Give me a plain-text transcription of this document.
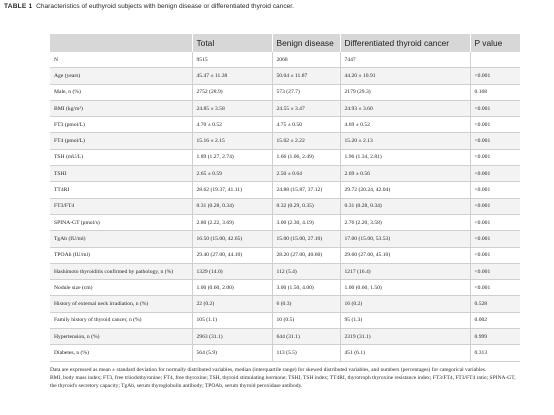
TABLE 1 Characteristics of euthyroid subjects with benign disease or differentiated thyroid cancer.
	Total	Benign disease	Differentiated thyroid cancer	P value
N	9515	2068	7447	
Age (years)	45.47 ± 11.38	50.04 ± 11.87	44.20 ± 10.91	<0.001
Male, n (%)	2752 (28.9)	573 (27.7)	2179 (29.3)	0.168
BMI (kg/m²)	24.85 ± 3.58	24.55 ± 3.47	24.93 ± 3.60	<0.001
FT3 (pmol/L)	4.70 ± 0.52	4.75 ± 0.50	4.69 ± 0.52	<0.001
FT4 (pmol/L)	15.16 ± 2.15	15.02 ± 2.22	15.20 ± 2.13	<0.001
TSH (mU/L)	1.89 (1.27, 2.74)	1.66 (1.06, 2.49)	1.96 (1.34, 2.81)	<0.001
TSHI	2.65 ± 0.59	2.50 ± 0.64	2.69 ± 0.56	<0.001
TT4RI	28.62 (19.37, 41.11)	24.88 (15.87, 37.12)	29.72 (20.24, 42.04)	<0.001
FT3/FT4	0.31 (0.28, 0.34)	0.32 (0.29, 0.35)	0.31 (0.28, 0.34)	<0.001
SPINA-GT (pmol/s)	2.80 (2.22, 3.69)	3.00 (2.30, 4.19)	2.76 (2.20, 3.58)	<0.001
TgAb (IU/ml)	16.50 (15.00, 42.65)	15.00 (15.00, 27.10)	17.00 (15.00, 53.53)	<0.001
TPOAb (IU/ml)	29.40 (27.00, 44.10)	28.20 (27.00, 40.60)	29.60 (27.00, 45.10)	<0.001
Hashimoto thyroiditis confirmed by pathology, n (%)	1329 (14.0)	112 (5.4)	1217 (16.4)	<0.001
Nodule size (cm)	1.00 (0.60, 2.00)	3.00 (1.50, 4.00)	1.00 (0.60, 1.50)	<0.001
History of external neck irradiation, n (%)	22 (0.2)	6 (0.3)	16 (0.2)	0.528
Family history of thyroid cancer, n (%)	105 (1.1)	10 (0.5)	95 (1.3)	0.002
Hypertension, n (%)	2963 (31.1)	644 (31.1)	2319 (31.1)	0.999
Diabetes, n (%)	564 (5.9)	113 (5.5)	451 (6.1)	0.313

Data are expressed as mean ± standard deviation for normally distributed variables, median (interquartile range) for skewed distributed variables, and numbers (percentages) for categorical variables.

BMI, body mass index; FT3, free triiodothyronine; FT4, free thyroxine; TSH, thyroid stimulating hormone; TSHI, TSH index; TT4RI, thyrotroph thyroxine resistance index; FT3/FT4, FT3/FT4 ratio; SPINA-GT, the thyroid's secretory capacity; TgAb, serum thyroglobulin antibody; TPOAb, serum thyroid peroxidase antibody.
